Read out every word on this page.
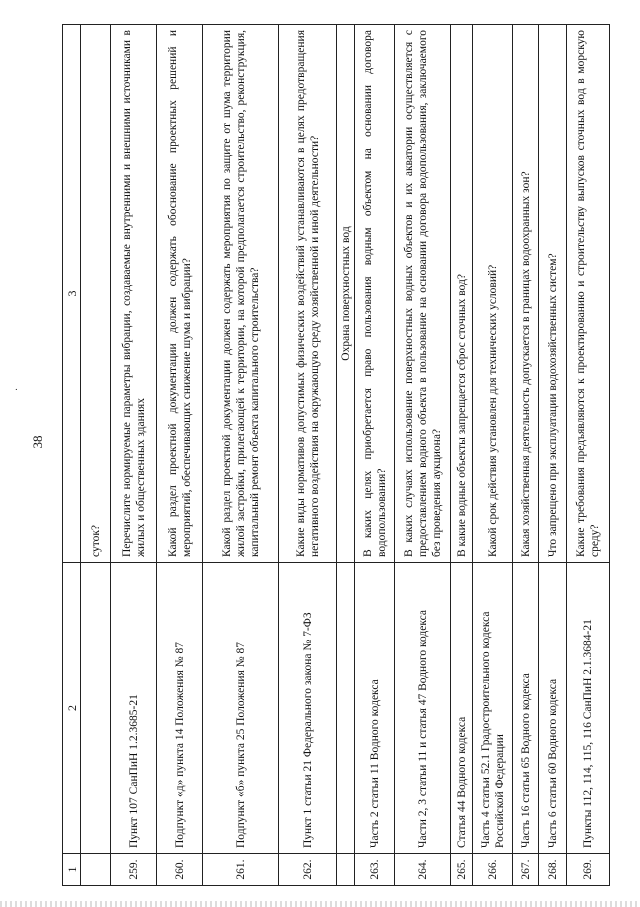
38
·
1
2
3
суток?
259.
Пункт 107 СанПиН 1.2.3685-21
Перечислите нормируемые параметры вибрации, создаваемые внутренними и внешними источниками в жилых и общественных зданиях
260.
Подпункт «д» пункта 14 Положения № 87
Какой раздел проектной документации должен содержать обоснование проектных решений и мероприятий, обеспечивающих снижение шума и вибрации?
261.
Подпункт «б» пункта 25 Положения № 87
Какой раздел проектной документации должен содержать мероприятия по защите от шума территории жилой застройки, прилегающей к территории, на которой предполагается строительство, реконструкция, капитальный ремонт объекта капитального строительства?
262.
Пункт 1 статьи 21 Федерального закона № 7-ФЗ
Какие виды нормативов допустимых физических воздействий устанавливаются в целях предотвращения негативного воздействия на окружающую среду хозяйственной и иной деятельности?	Охрана поверхностных вод
263.
Часть 2 статьи 11 Водного кодекса
В каких целях приобретается право пользования водным объектом на основании договора водопользования?
264.
Части 2, 3 статьи 11 и статья 47 Водного кодекса
В каких случаях использование поверхностных водных объектов и их акватории осуществляется с предоставлением водного объекта в пользование на основании договора водопользования, заключаемого без проведения аукциона?
265.
Статья 44 Водного кодекса
В какие водные объекты запрещается сброс сточных вод?
266.
Часть 4 статьи 52.1 Градостроительного кодекса Российской Федерации
Какой срок действия установлен для технических условий?
267.
Часть 16 статьи 65 Водного кодекса
Какая хозяйственная деятельность допускается в границах водоохранных зон?
268.
Часть 6 статьи 60 Водного кодекса
Что запрещено при эксплуатации водохозяйственных систем?
269.
Пункты 112, 114, 115, 116 СанПиН 2.1.3684-21
Какие требования предъявляются к проектированию и строительству выпусков сточных вод в морскую среду?
